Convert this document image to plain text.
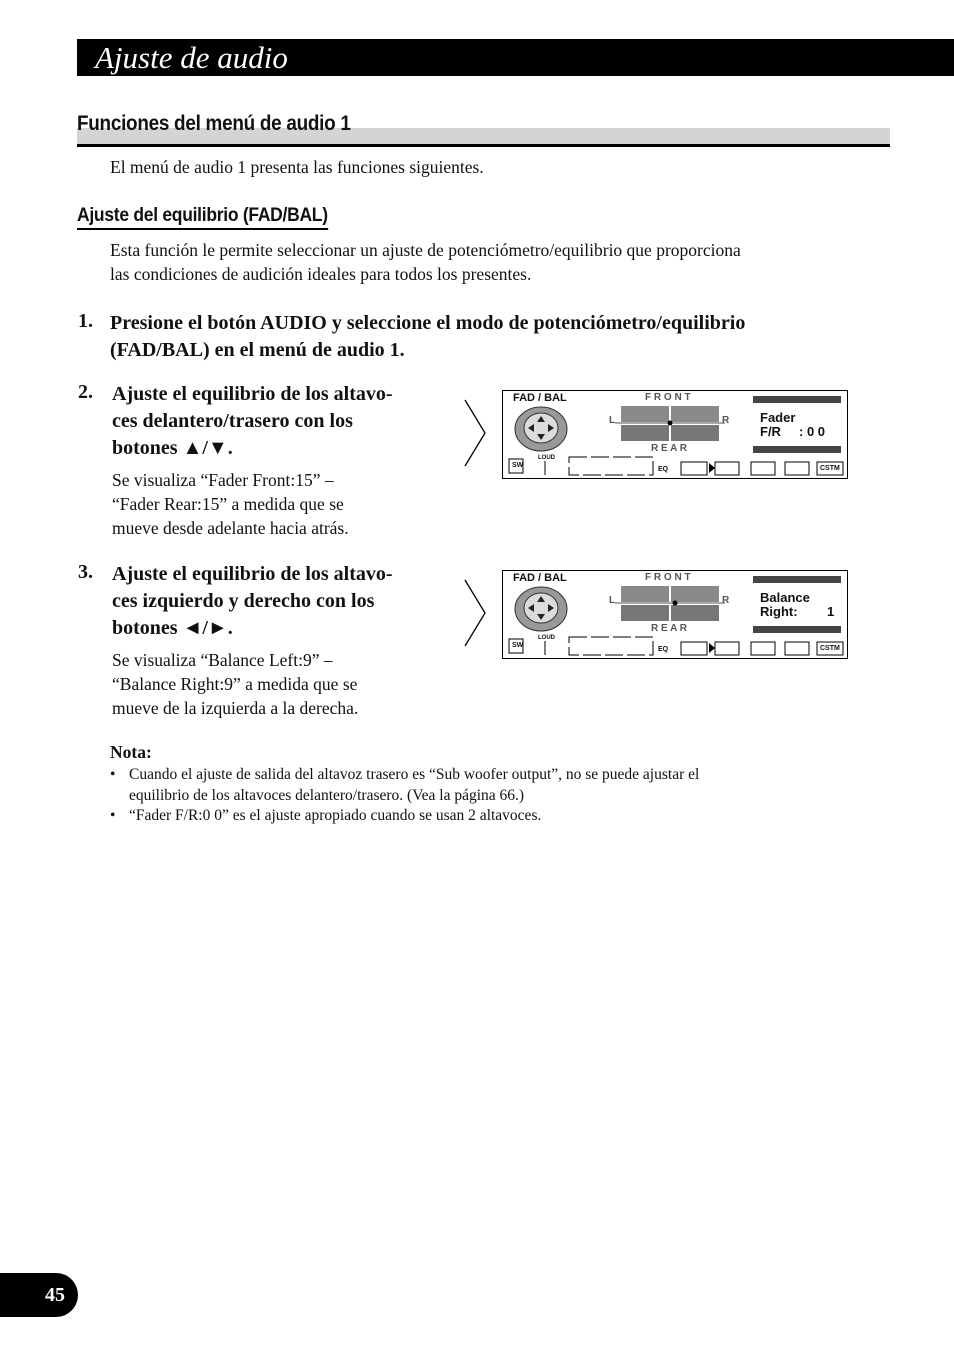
Ajuste de audio
Funciones del menú de audio 1
El menú de audio 1 presenta las funciones siguientes.
Ajuste del equilibrio (FAD/BAL)
Esta función le permite seleccionar un ajuste de potenciómetro/equilibrio que proporciona
las condiciones de audición ideales para todos los presentes.
1. Presione el botón AUDIO y seleccione el modo de potenciómetro/equilibrio
(FAD/BAL) en el menú de audio 1.
2. Ajuste el equilibrio de los altavo-
ces delantero/trasero con los
botones ▲/▼.
Se visualiza “Fader Front:15” –
“Fader Rear:15” a medida que se
mueve desde adelante hacia atrás.
FAD / BAL	F R O N T
R E A R
L	R Fader
F/R : 0 0
SW
LOUD
EQ	CSTM
3. Ajuste el equilibrio de los altavo-
ces izquierdo y derecho con los
botones ◄/►.
Se visualiza “Balance Left:9” –
“Balance Right:9” a medida que se
mueve de la izquierda a la derecha.
FAD / BAL	F R O N T
R E A R
L	R Balance
Right: 1
SW
LOUD
EQ	CSTM
Nota:
• Cuando el ajuste de salida del altavoz trasero es “Sub woofer output”, no se puede ajustar el
equilibrio de los altavoces delantero/trasero. (Vea la página 66.)
• “Fader F/R:0 0” es el ajuste apropiado cuando se usan 2 altavoces.
45
